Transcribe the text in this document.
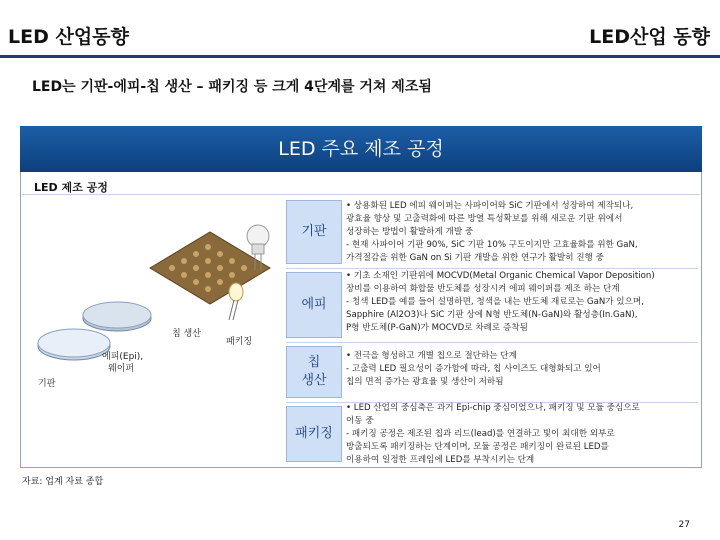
LED 산업동향	LED산업 동향
LED는 기판-에피-칩 생산 – 패키징 등 크게 4단계를 거쳐 제조됨
LED 주요 제조 공정
LED 제조 공정
기판
에피(Epi),
웨이퍼
칩 생산
패키징
기판
• 상용화된 LED 에피 웨이퍼는 사파이어와 SiC 기판에서 성장하여 제작되나,
광효율 향상 및 고출력화에 따른 방열 특성확보를 위해 새로운 기판 위에서
성장하는 방법이 활발하게 개발 중
- 현재 사파이어 기판 90%, SiC 기판 10% 구도이지만 고효율화를 위한 GaN,
가격절감을 위한 GaN on Si 기판 개발을 위한 연구가 활발히 진행 중
에피
• 기초 소재인 기판위에 MOCVD(Metal Organic Chemical Vapor Deposition)
장비를 이용하여 화합물 반도체를 성장시켜 에피 웨이퍼를 제조 하는 단계
- 청색 LED를 예를 들어 설명하면, 청색을 내는 반도체 재료로는 GaN가 있으며,
Sapphire (Al2O3)나 SiC 기판 상에 N형 반도체(N-GaN)와 활성층(In.GaN),
P형 반도체(P-GaN)가 MOCVD로 차례로 증착됨
칩
생산
• 전극을 형성하고 개별 칩으로 절단하는 단계
- 고출력 LED 필요성이 증가함에 따라, 칩 사이즈도 대형화되고 있어
칩의 면적 증가는 광효율 및 생산이 저하됨
패키징
• LED 산업의 중심축은 과거 Epi-chip 중심이었으나, 패키징 및 모듈 중심으로
이동 중
- 패키징 공정은 제조된 칩과 리드(lead)를 연결하고 빛이 최대한 외부로
방출되도록 패키징하는 단계이며, 모듈 공정은 패키징이 완료된 LED를
이용하여 일정한 프레임에 LED를 부착시키는 단계
자료: 업계 자료 종합
27
